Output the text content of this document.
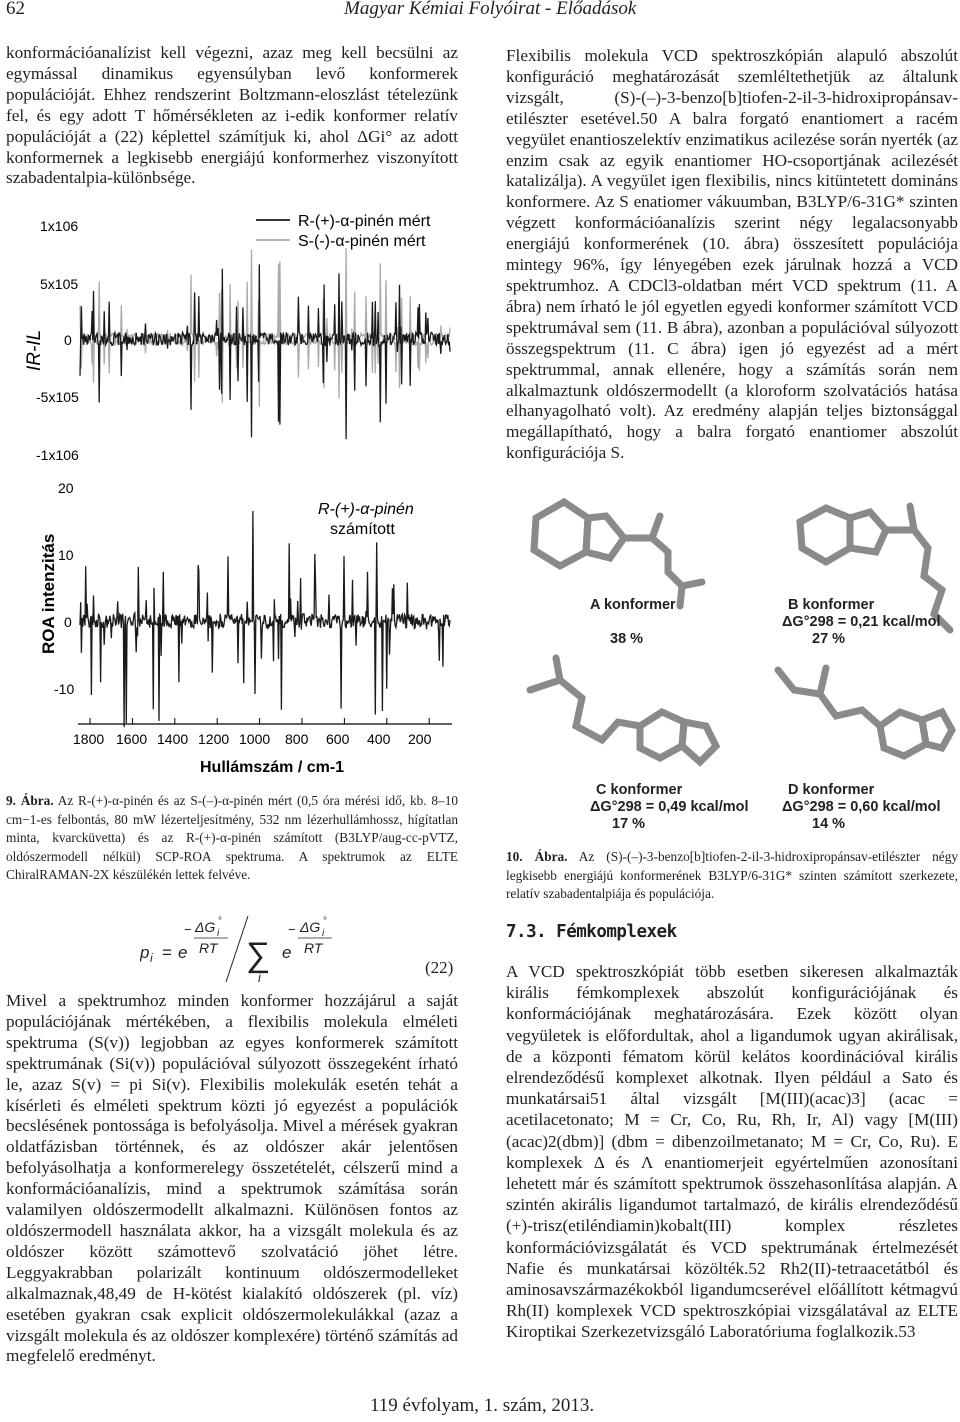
62	Magyar Kémiai Folyóirat - Előadások

konformációanalízist kell végezni, azaz meg kell becsülni az egymással dinamikus egyensúlyban levő konformerek populációját. Ehhez rendszerint Boltzmann-eloszlást tételezünk fel, és egy adott T hőmérsékleten az i-edik konformer relatív populációját a (22) képlettel számítjuk ki, ahol ΔGi° az adott konformernek a legkisebb energiájú konformerhez viszonyított szabadentalpia-különbsége.

Flexibilis molekula VCD spektroszkópián alapuló abszolút konfiguráció meghatározását szemléltethetjük az általunk vizsgált, (S)-(–)-3-benzo[b]tiofen-2-il-3-hidroxipropánsav-etilészter esetével.50 A balra forgató enantiomert a racém vegyület enantioszelektív enzimatikus acilezése során nyerték (az enzim csak az egyik enantiomer HO-csoportjának acilezését katalizálja). A vegyület igen flexibilis, nincs kitüntetett domináns konformere. Az S enatiomer vákuumban, B3LYP/6-31G* szinten végzett konformációanalízis szerint négy legalacsonyabb energiájú konformerének (10. ábra) összesített populációja mintegy 96%, így lényegében ezek járulnak hozzá a VCD spektrumhoz. A CDCl3-oldatban mért VCD spektrum (11. A ábra) nem írható le jól egyetlen egyedi konformer számított VCD spektrumával sem (11. B ábra), azonban a populációval súlyozott összegspektrum (11. C ábra) igen jó egyezést ad a mért spektrummal, annak ellenére, hogy a számítás során nem alkalmaztunk oldószermodellt (a kloroform szolvatációs hatása elhanyagolható volt). Az eredmény alapján teljes biztonsággal megállapítható, hogy a balra forgató enantiomer abszolút konfigurációja S.

1x106
5x105
0
-5x105
-1x106
IR-IL
R-(+)-α-pinén mért
S-(-)-α-pinén mért
20
10
0
-10
ROA intenzitás
R-(+)-α-pinén
számított
1800 1600 1400 1200 1000 800 600 400 200
Hullámszám / cm-1
9. Ábra. Az R-(+)-α-pinén és az S-(–)-α-pinén mért (0,5 óra mérési idő, kb. 8–10 cm−1-es felbontás, 80 mW lézerteljesítmény, 532 nm lézerhullámhossz, hígítatlan minta, kvarcküvetta) és az R-(+)-α-pinén számított (B3LYP/aug-cc-pVTZ, oldószermodell nélkül) SCP-ROA spektruma. A spektrumok az ELTE ChiralRAMAN-2X készülékén lettek felvéve.
A konformer
38 %
B konformer
ΔG°298 = 0,21 kcal/mol
27 %
C konformer
ΔG°298 = 0,49 kcal/mol
17 %
D konformer
ΔG°298 = 0,60 kcal/mol
14 %
10. Ábra. Az (S)-(–)-3-benzo[b]tiofen-2-il-3-hidroxipropánsav-etilészter négy legkisebb energiájú konformerének B3LYP/6-31G* szinten számított szerkezete, relatív szabadentalpiája és populációja.
p i = e
− ΔG i
°
RT ∑
i
e
− ΔG i
°
RT
(22)
7.3. Fémkomplexek

Mivel a spektrumhoz minden konformer hozzájárul a saját populációjának mértékében, a flexibilis molekula elméleti spektruma (S(v)) legjobban az egyes konformerek számított spektrumának (Si(v)) populációval súlyozott összegeként írható le, azaz S(v) = pi Si(v). Flexibilis molekulák esetén tehát a kísérleti és elméleti spektrum közti jó egyezést a populációk becslésének pontossága is befolyásolja. Mivel a mérések gyakran oldatfázisban történnek, és az oldószer akár jelentősen befolyásolhatja a konformerelegy összetételét, célszerű mind a konformációanalízis, mind a spektrumok számítása során valamilyen oldószermodellt alkalmazni. Különösen fontos az oldószermodell használata akkor, ha a vizsgált molekula és az oldószer között számottevő szolvatáció jöhet létre. Leggyakrabban polarizált kontinuum oldószermodelleket alkalmaznak,48,49 de H-kötést kialakító oldószerek (pl. víz) esetében gyakran csak explicit oldószermolekulákkal (azaz a vizsgált molekula és az oldószer komplexére) történő számítás ad megfelelő eredményt.

A VCD spektroszkópiát több esetben sikeresen alkalmazták királis fémkomplexek abszolút konfigurációjának és konformációjának meghatározására. Ezek között olyan vegyületek is előfordultak, ahol a ligandumok ugyan akirálisak, de a központi fématom körül kelátos koordinációval királis elrendeződésű komplexet alkotnak. Ilyen például a Sato és munkatársai51 által vizsgált [M(III)(acac)3] (acac = acetilacetonato; M = Cr, Co, Ru, Rh, Ir, Al) vagy [M(III)(acac)2(dbm)] (dbm = dibenzoilmetanato; M = Cr, Co, Ru). E komplexek Δ és Λ enantiomerjeit egyértelműen azonosítani lehetett már és számított spektrumok összehasonlítása alapján. A szintén akirális ligandumot tartalmazó, de királis elrendeződésű (+)-trisz(etiléndiamin)kobalt(III) komplex részletes konformációvizsgálatát és VCD spektrumának értelmezését Nafie és munkatársai közölték.52 Rh2(II)-tetraacetátból és aminosavszármazékokból ligandumcserével előállított kétmagvú Rh(II) komplexek VCD spektroszkópiai vizsgálatával az ELTE Kiroptikai Szerkezetvizsgáló Laboratóriuma foglalkozik.53

119 évfolyam, 1. szám, 2013.
